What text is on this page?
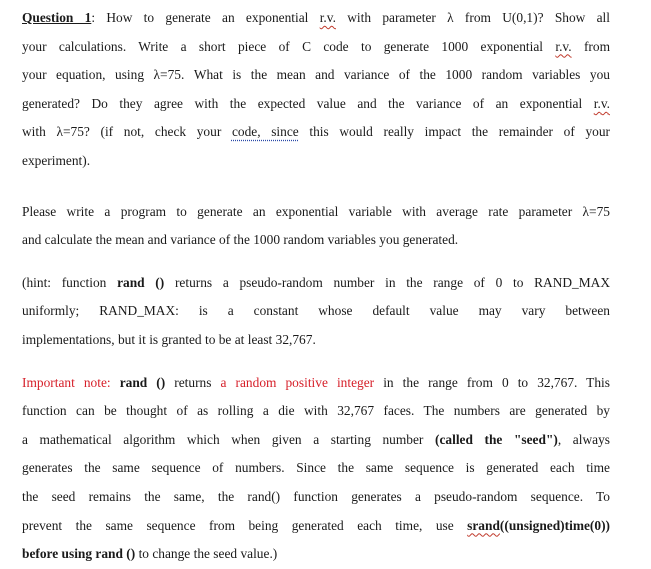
Question 1: How to generate an exponential r.v. with parameter λ from U(0,1)? Show all

your calculations. Write a short piece of C code to generate 1000 exponential r.v. from

your equation, using λ=75. What is the mean and variance of the 1000 random variables you

generated? Do they agree with the expected value and the variance of an exponential r.v.

with λ=75? (if not, check your code, since this would really impact the remainder of your

experiment).

Please write a program to generate an exponential variable with average rate parameter λ=75

and calculate the mean and variance of the 1000 random variables you generated.

(hint: function rand () returns a pseudo-random number in the range of 0 to RAND_MAX

uniformly; RAND_MAX: is a constant whose default value may vary between

implementations, but it is granted to be at least 32,767.

Important note: rand () returns a random positive integer in the range from 0 to 32,767. This

function can be thought of as rolling a die with 32,767 faces. The numbers are generated by

a mathematical algorithm which when given a starting number (called the "seed"), always

generates the same sequence of numbers. Since the same sequence is generated each time

the seed remains the same, the rand() function generates a pseudo-random sequence. To

prevent the same sequence from being generated each time, use srand((unsigned)time(0))

before using rand () to change the seed value.)
